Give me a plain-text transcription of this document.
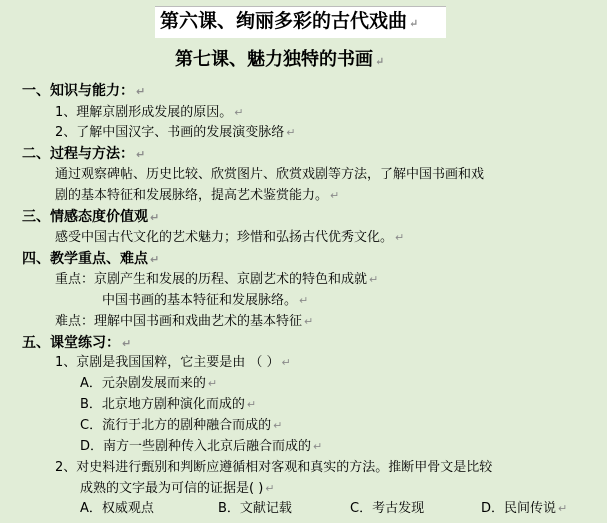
第六课、绚丽多彩的古代戏曲 ↵
第七课、魅力独特的书画 ↵
一、知识与能力： ↵
1、理解京剧形成发展的原因。 ↵
2、了解中国汉字、书画的发展演变脉络 ↵
二、过程与方法： ↵
通过观察碑帖、历史比较、欣赏图片、欣赏戏剧等方法，了解中国书画和戏
剧的基本特征和发展脉络，提高艺术鉴赏能力。 ↵
三、情感态度价值观 ↵
感受中国古代文化的艺术魅力；珍惜和弘扬古代优秀文化。 ↵
四、教学重点、难点 ↵
重点：京剧产生和发展的历程、京剧艺术的特色和成就 ↵
中国书画的基本特征和发展脉络。 ↵
难点：理解中国书画和戏曲艺术的基本特征 ↵
五、课堂练习： ↵
1、京剧是我国国粹，它主要是由 （ ） ↵
A．元杂剧发展而来的 ↵
B．北京地方剧种演化而成的 ↵
C．流行于北方的剧种融合而成的 ↵
D．南方一些剧种传入北京后融合而成的 ↵
2、对史料进行甄别和判断应遵循相对客观和真实的方法。推断甲骨文是比较
成熟的文字最为可信的证据是( ) ↵
A．权威观点	B．文献记载	C．考古发现	D．民间传说 ↵
